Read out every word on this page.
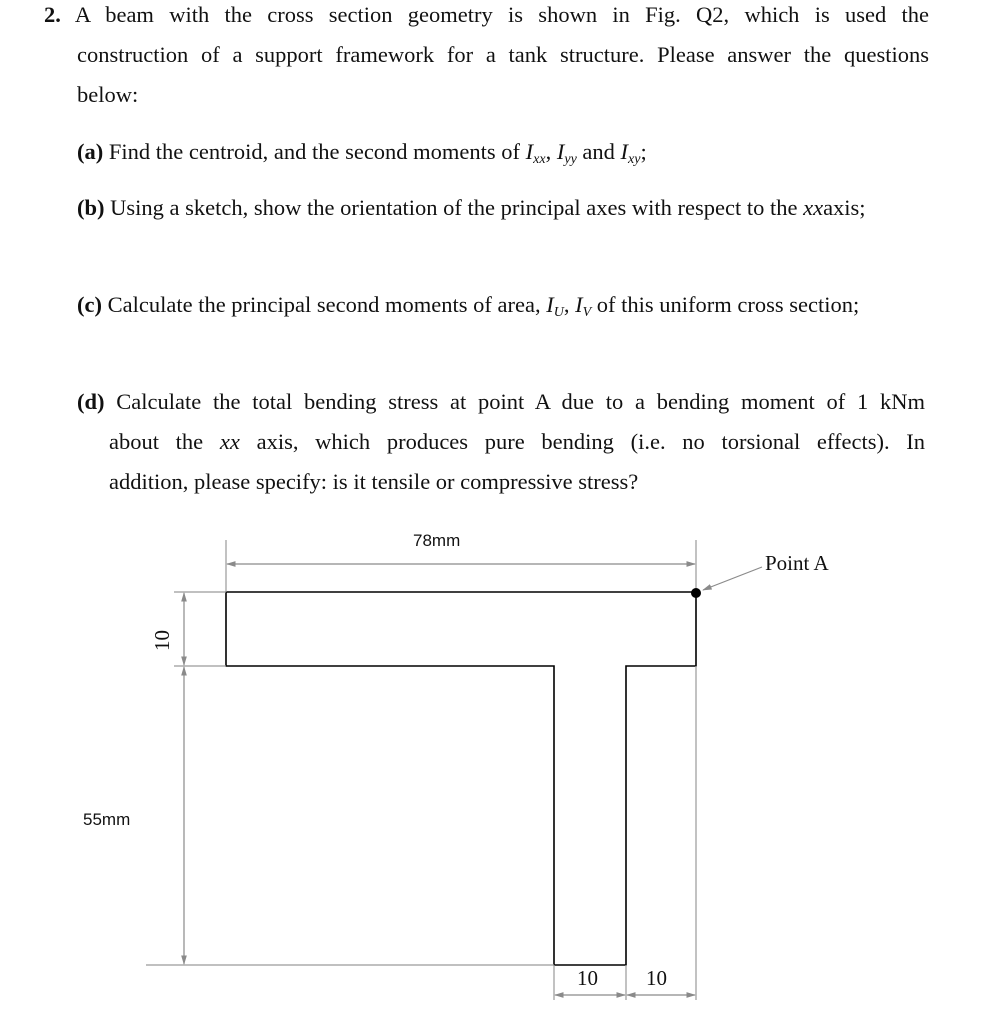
2. A beam with the cross section geometry is shown in Fig. Q2, which is used the
construction of a support framework for a tank structure. Please answer the questions
below:
(a) Find the centroid, and the second moments of $I_{xx}$, $I_{yy}$ and $I_{xy}$;
(b) Using a sketch, show the orientation of the principal axes with respect to the xxaxis;
(c) Calculate the principal second moments of area, $I_U$, $I_V$ of this uniform cross section;
(d) Calculate the total bending stress at point A due to a bending moment of 1 kNm
about the xx axis, which produces pure bending (i.e. no torsional effects). In
addition, please specify: is it tensile or compressive stress?
78mm
Point A
10
55mm
10 10
